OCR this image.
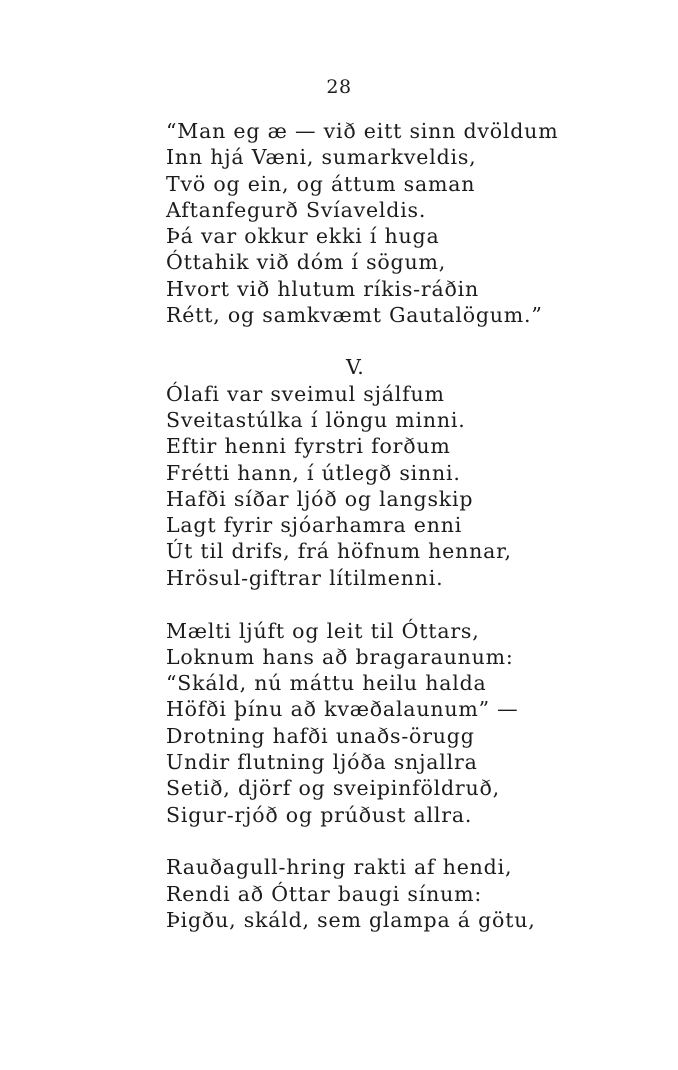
28
“Man eg æ — við eitt sinn dvöldum
Inn hjá Væni, sumarkveldis,
Tvö og ein, og áttum saman
Aftanfegurð Svíaveldis.
Þá var okkur ekki í huga
Óttahik við dóm í sögum,
Hvort við hlutum ríkis-ráðin
Rétt, og samkvæmt Gautalögum.”
V.
Ólafi var sveimul sjálfum
Sveitastúlka í löngu minni.
Eftir henni fyrstri forðum
Frétti hann, í útlegð sinni.
Hafði síðar ljóð og langskip
Lagt fyrir sjóarhamra enni
Út til drifs, frá höfnum hennar,
Hrösul-giftrar lítilmenni.
Mælti ljúft og leit til Óttars,
Loknum hans að bragaraunum:
“Skáld, nú máttu heilu halda
Höfði þínu að kvæðalaunum” —
Drotning hafði unaðs-örugg
Undir flutning ljóða snjallra
Setið, djörf og sveipinföldruð,
Sigur-rjóð og prúðust allra.
Rauðagull-hring rakti af hendi,
Rendi að Óttar baugi sínum:
Þigðu, skáld, sem glampa á götu,
